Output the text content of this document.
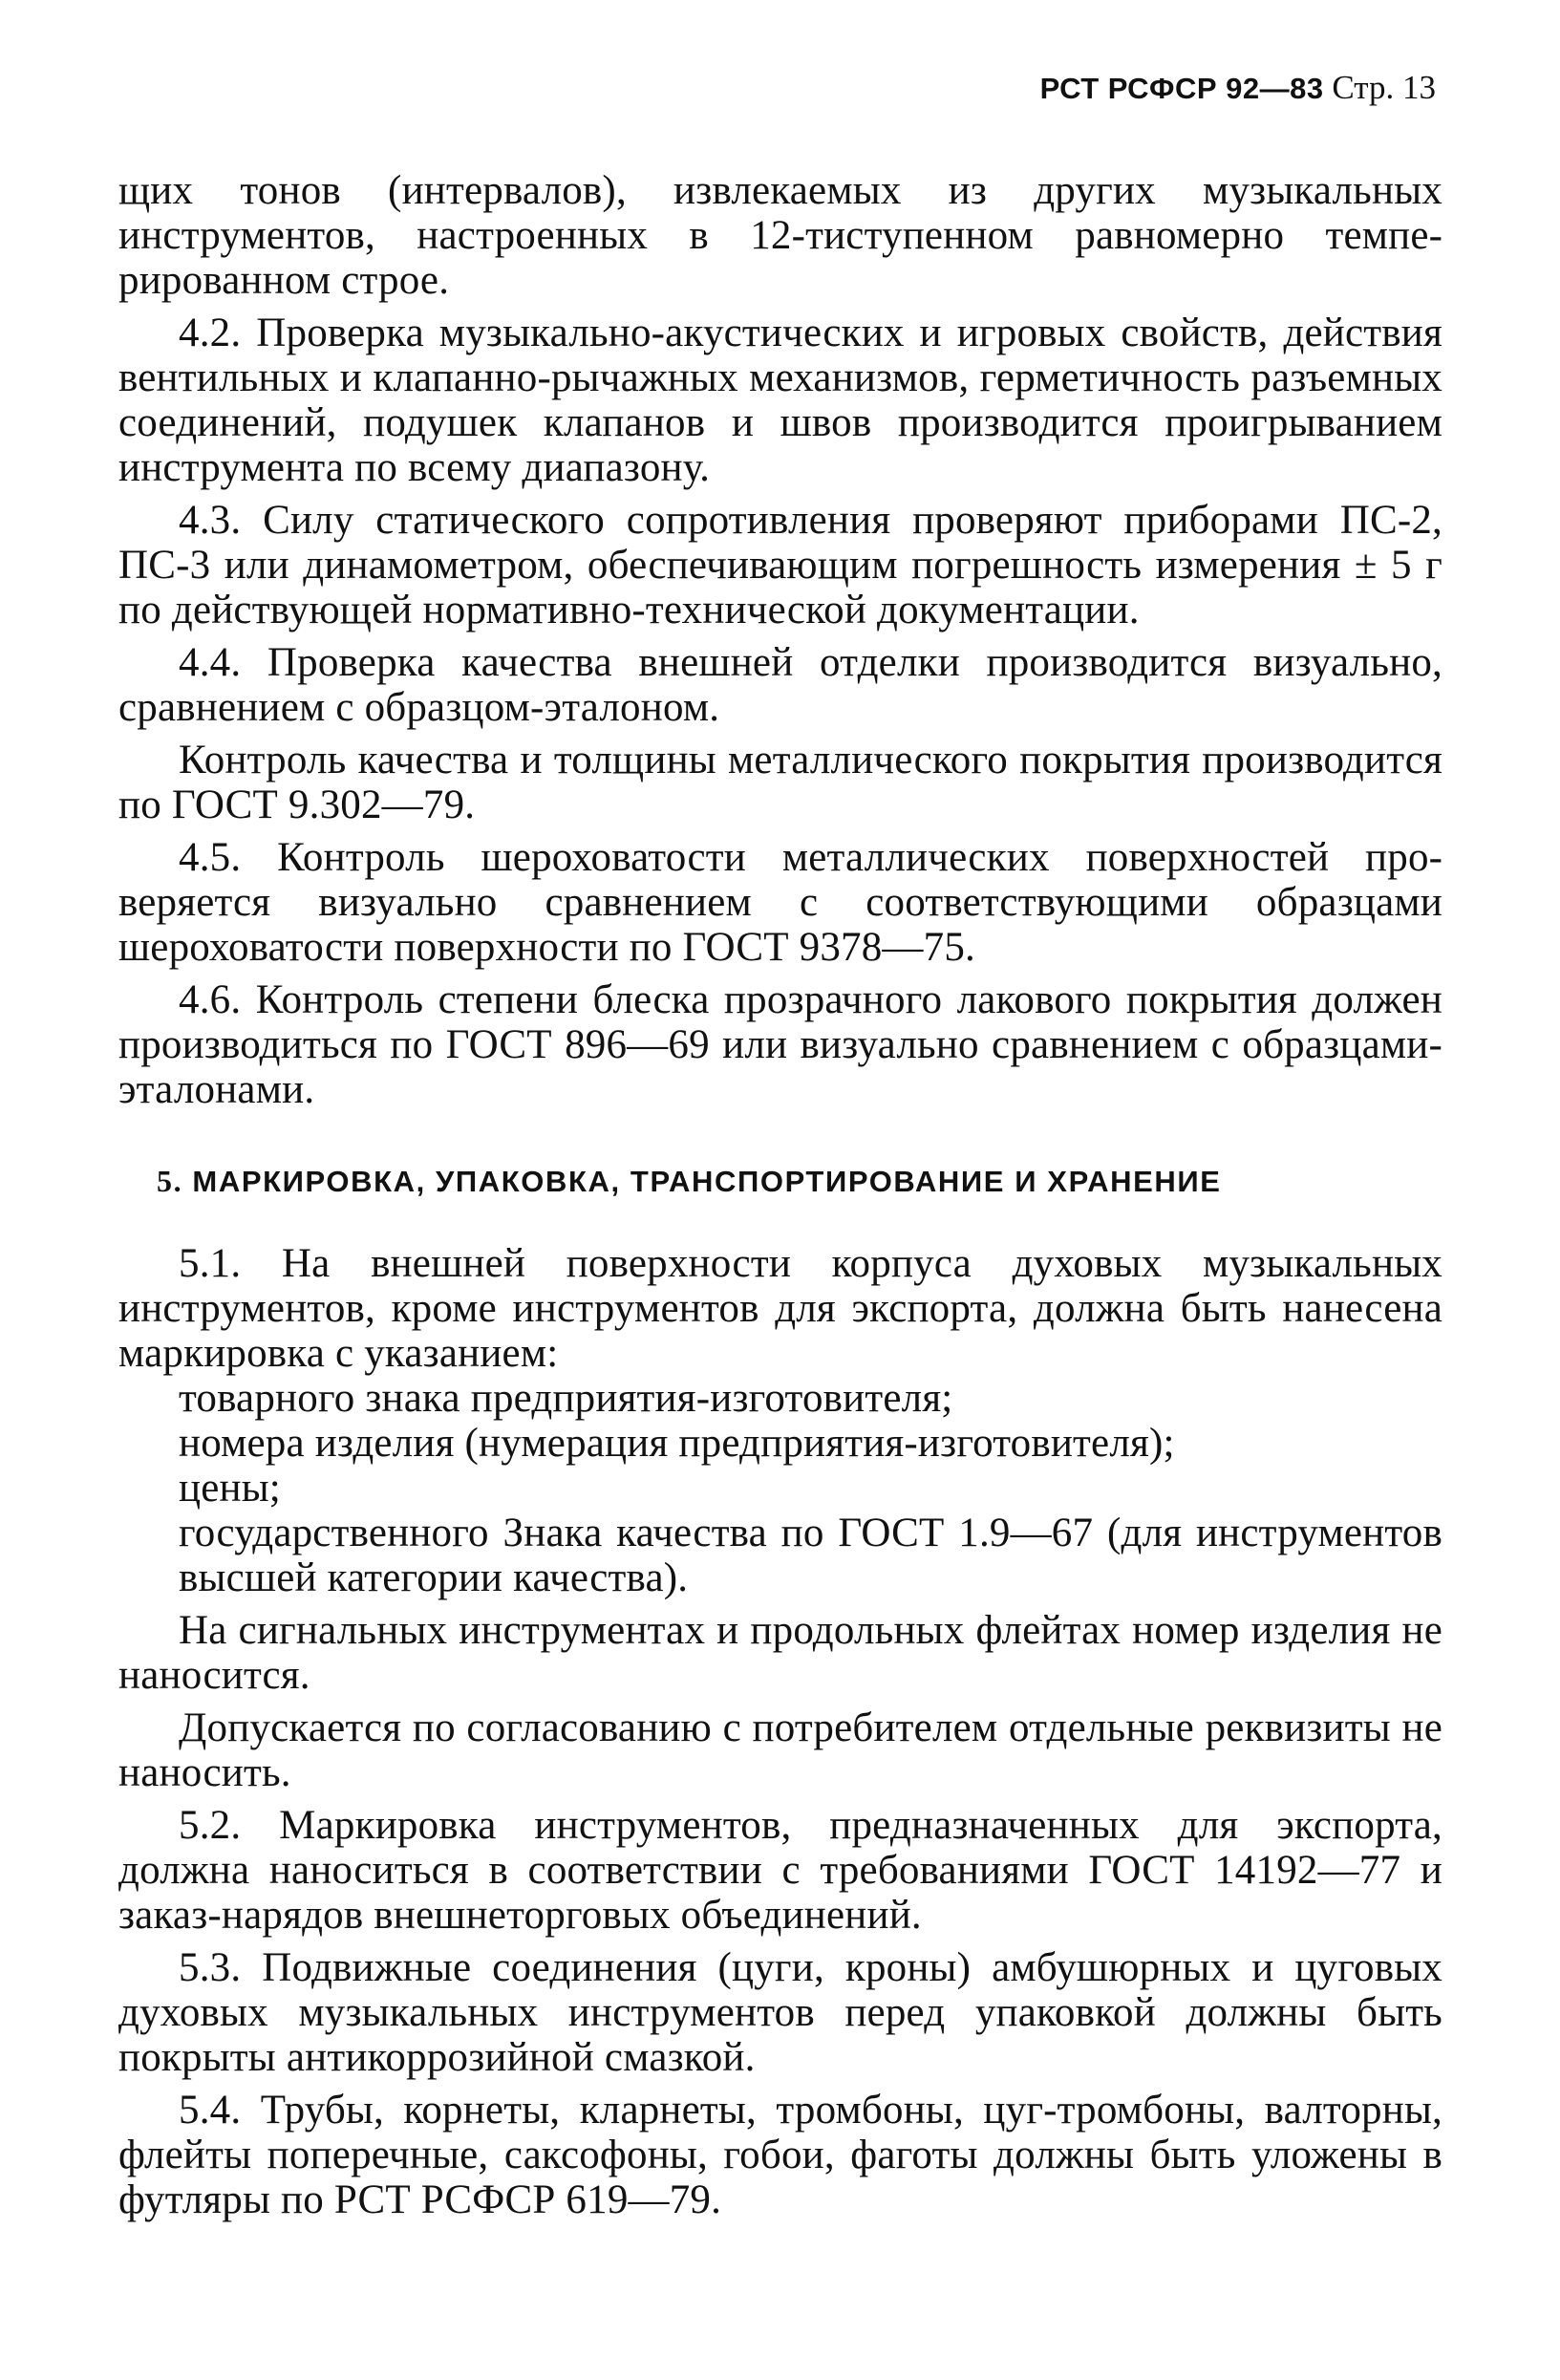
РСТ РСФСР 92—83 Стр. 13

щих тонов (интервалов), извлекаемых из других музыкальных инструментов, настроенных в 12-тиступенном равномерно темперированном строе.

4.2. Проверка музыкально-акустических и игровых свойств, действия вентильных и клапанно-рычажных механизмов, герметичность разъемных соединений, подушек клапанов и швов производится проигрыванием инструмента по всему диапазону.

4.3. Силу статического сопротивления проверяют приборами ПС-2, ПС-3 или динамометром, обеспечивающим погрешность измерения ± 5 г по действующей нормативно-технической документации.

4.4. Проверка качества внешней отделки производится визуально, сравнением с образцом-эталоном.

Контроль качества и толщины металлического покрытия производится по ГОСТ 9.302—79.

4.5. Контроль шероховатости металлических поверхностей проверяется визуально сравнением с соответствующими образцами шероховатости поверхности по ГОСТ 9378—75.

4.6. Контроль степени блеска прозрачного лакового покрытия должен производиться по ГОСТ 896—69 или визуально сравнением с образцами-эталонами.

5. МАРКИРОВКА, УПАКОВКА, ТРАНСПОРТИРОВАНИЕ И ХРАНЕНИЕ

5.1. На внешней поверхности корпуса духовых музыкальных инструментов, кроме инструментов для экспорта, должна быть нанесена маркировка с указанием:

товарного знака предприятия-изготовителя;

номера изделия (нумерация предприятия-изготовителя);

цены;

государственного Знака качества по ГОСТ 1.9—67 (для инструментов высшей категории качества).

На сигнальных инструментах и продольных флейтах номер изделия не наносится.

Допускается по согласованию с потребителем отдельные реквизиты не наносить.

5.2. Маркировка инструментов, предназначенных для экспорта, должна наноситься в соответствии с требованиями ГОСТ 14192—77 и заказ-нарядов внешнеторговых объединений.

5.3. Подвижные соединения (цуги, кроны) амбушюрных и цуговых духовых музыкальных инструментов перед упаковкой должны быть покрыты антикоррозийной смазкой.

5.4. Трубы, корнеты, кларнеты, тромбоны, цуг-тромбоны, валторны, флейты поперечные, саксофоны, гобои, фаготы должны быть уложены в футляры по РСТ РСФСР 619—79.
